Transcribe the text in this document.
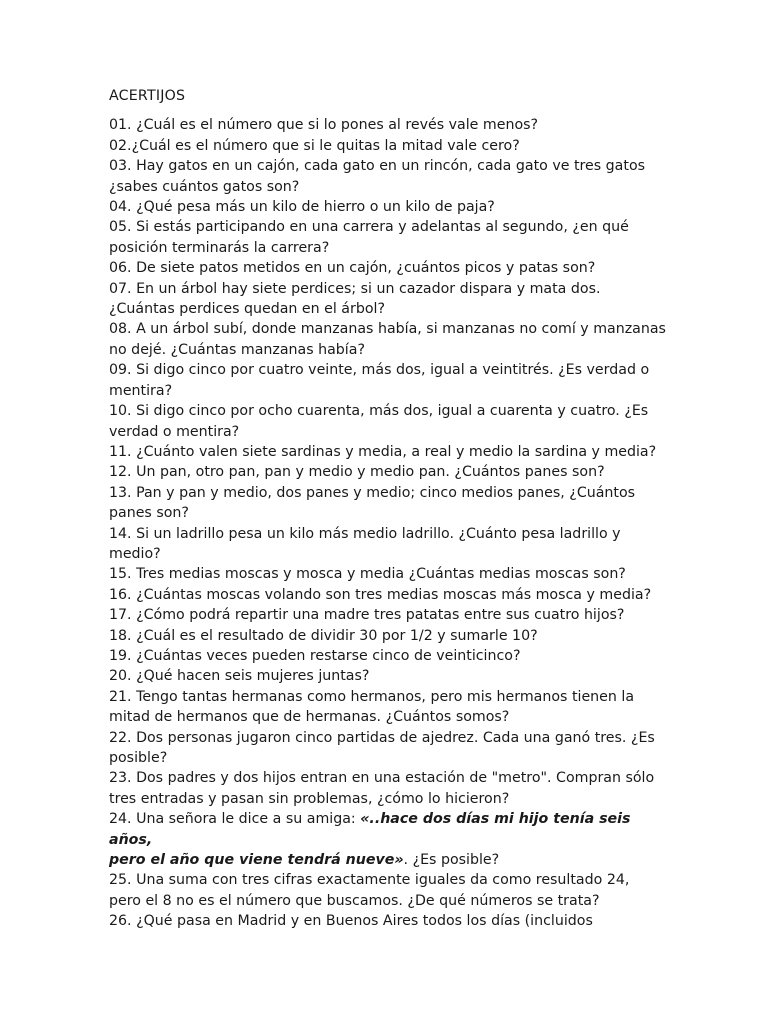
ACERTIJOS

01. ¿Cuál es el número que si lo pones al revés vale menos?

02.¿Cuál es el número que si le quitas la mitad vale cero?

03. Hay gatos en un cajón, cada gato en un rincón, cada gato ve tres gatos
¿sabes cuántos gatos son?

04. ¿Qué pesa más un kilo de hierro o un kilo de paja?

05. Si estás participando en una carrera y adelantas al segundo, ¿en qué
posición terminarás la carrera?

06. De siete patos metidos en un cajón, ¿cuántos picos y patas son?

07. En un árbol hay siete perdices; si un cazador dispara y mata dos.
¿Cuántas perdices quedan en el árbol?

08. A un árbol subí, donde manzanas había, si manzanas no comí y manzanas
no dejé. ¿Cuántas manzanas había?

09. Si digo cinco por cuatro veinte, más dos, igual a veintitrés. ¿Es verdad o
mentira?

10. Si digo cinco por ocho cuarenta, más dos, igual a cuarenta y cuatro. ¿Es
verdad o mentira?

11. ¿Cuánto valen siete sardinas y media, a real y medio la sardina y media?

12. Un pan, otro pan, pan y medio y medio pan. ¿Cuántos panes son?

13. Pan y pan y medio, dos panes y medio; cinco medios panes, ¿Cuántos
panes son?

14. Si un ladrillo pesa un kilo más medio ladrillo. ¿Cuánto pesa ladrillo y
medio?

15. Tres medias moscas y mosca y media ¿Cuántas medias moscas son?

16. ¿Cuántas moscas volando son tres medias moscas más mosca y media?

17. ¿Cómo podrá repartir una madre tres patatas entre sus cuatro hijos?

18. ¿Cuál es el resultado de dividir 30 por 1/2 y sumarle 10?

19. ¿Cuántas veces pueden restarse cinco de veinticinco?

20. ¿Qué hacen seis mujeres juntas?

21. Tengo tantas hermanas como hermanos, pero mis hermanos tienen la
mitad de hermanos que de hermanas. ¿Cuántos somos?

22. Dos personas jugaron cinco partidas de ajedrez. Cada una ganó tres. ¿Es
posible?

23. Dos padres y dos hijos entran en una estación de "metro". Compran sólo
tres entradas y pasan sin problemas, ¿cómo lo hicieron?

24. Una señora le dice a su amiga: «..hace dos días mi hijo tenía seis años,
pero el año que viene tendrá nueve». ¿Es posible?

25. Una suma con tres cifras exactamente iguales da como resultado 24,
pero el 8 no es el número que buscamos. ¿De qué números se trata?

26. ¿Qué pasa en Madrid y en Buenos Aires todos los días (incluidos
